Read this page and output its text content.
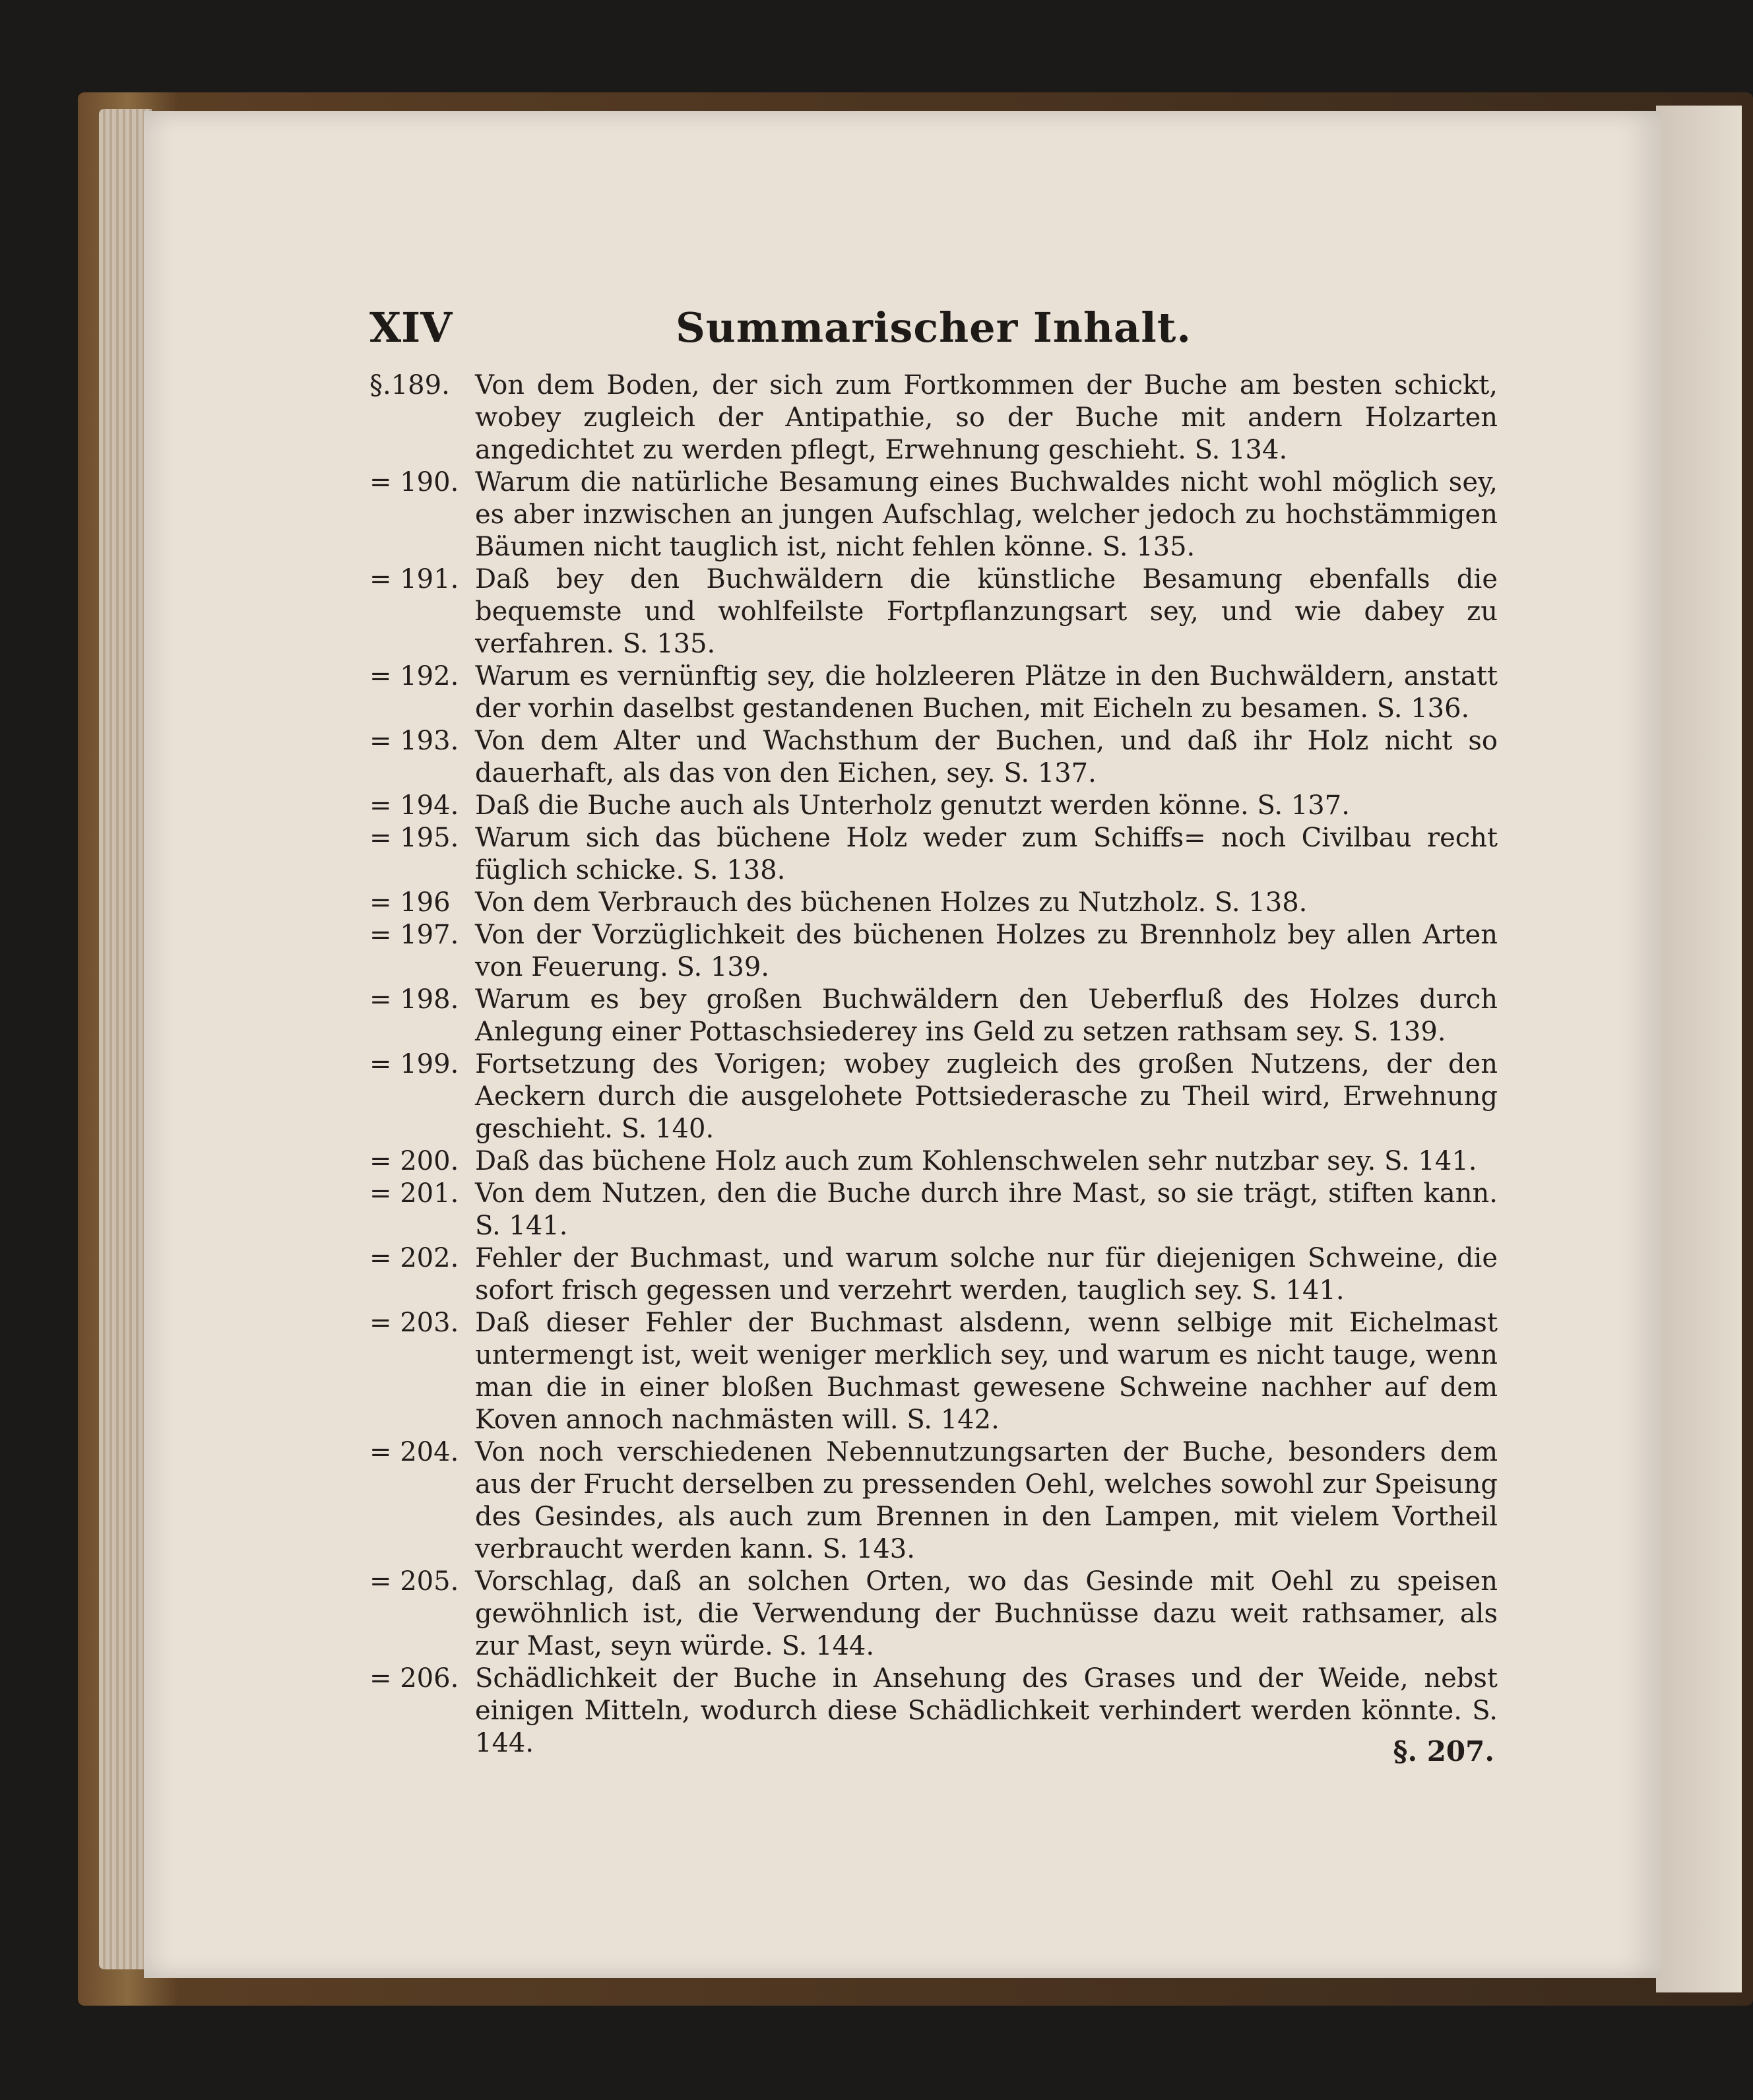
XIV	Summarischer Inhalt.
§.189. Von dem Boden, der sich zum Fortkommen der Buche am besten schickt, wobey zugleich der Antipathie, so der Buche mit andern Holzarten angedichtet zu werden pflegt, Erwehnung geschieht. S. 134.
= 190. Warum die natürliche Besamung eines Buchwaldes nicht wohl möglich sey, es aber inzwischen an jungen Aufschlag, welcher jedoch zu hochstämmigen Bäumen nicht tauglich ist, nicht fehlen könne. S. 135.
= 191. Daß bey den Buchwäldern die künstliche Besamung ebenfalls die bequemste und wohlfeilste Fortpflanzungsart sey, und wie dabey zu verfahren. S. 135.
= 192. Warum es vernünftig sey, die holzleeren Plätze in den Buchwäldern, anstatt der vorhin daselbst gestandenen Buchen, mit Eicheln zu besamen. S. 136.
= 193. Von dem Alter und Wachsthum der Buchen, und daß ihr Holz nicht so dauerhaft, als das von den Eichen, sey. S. 137.
= 194. Daß die Buche auch als Unterholz genutzt werden könne. S. 137.
= 195. Warum sich das büchene Holz weder zum Schiffs= noch Civilbau recht füglich schicke. S. 138.
= 196 Von dem Verbrauch des büchenen Holzes zu Nutzholz. S. 138.
= 197. Von der Vorzüglichkeit des büchenen Holzes zu Brennholz bey allen Arten von Feuerung. S. 139.
= 198. Warum es bey großen Buchwäldern den Ueberfluß des Holzes durch Anlegung einer Pottaschsiederey ins Geld zu setzen rathsam sey. S. 139.
= 199. Fortsetzung des Vorigen; wobey zugleich des großen Nutzens, der den Aeckern durch die ausgelohete Pottsiederasche zu Theil wird, Erwehnung geschieht. S. 140.
= 200. Daß das büchene Holz auch zum Kohlenschwelen sehr nutzbar sey. S. 141.
= 201. Von dem Nutzen, den die Buche durch ihre Mast, so sie trägt, stiften kann. S. 141.
= 202. Fehler der Buchmast, und warum solche nur für diejenigen Schweine, die sofort frisch gegessen und verzehrt werden, tauglich sey. S. 141.
= 203. Daß dieser Fehler der Buchmast alsdenn, wenn selbige mit Eichelmast untermengt ist, weit weniger merklich sey, und warum es nicht tauge, wenn man die in einer bloßen Buchmast gewesene Schweine nachher auf dem Koven annoch nachmästen will. S. 142.
= 204. Von noch verschiedenen Nebennutzungsarten der Buche, besonders dem aus der Frucht derselben zu pressenden Oehl, welches sowohl zur Speisung des Gesindes, als auch zum Brennen in den Lampen, mit vielem Vortheil verbraucht werden kann. S. 143.
= 205. Vorschlag, daß an solchen Orten, wo das Gesinde mit Oehl zu speisen gewöhnlich ist, die Verwendung der Buchnüsse dazu weit rathsamer, als zur Mast, seyn würde. S. 144.
= 206. Schädlichkeit der Buche in Ansehung des Grases und der Weide, nebst einigen Mitteln, wodurch diese Schädlichkeit verhindert werden könnte. S. 144.	§. 207.
